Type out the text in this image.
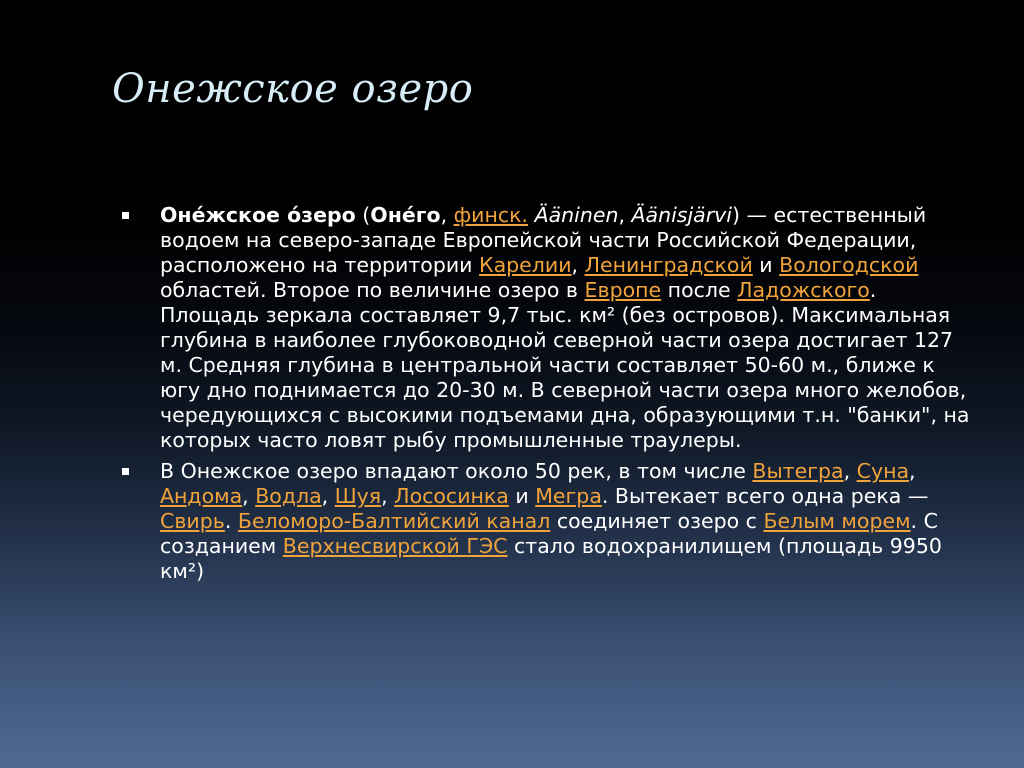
Онежское озеро
Оне́жское о́зеро (Оне́го, финск. Ääninen, Äänisjärvi) — естественный водоем на северо-западе Европейской части Российской Федерации, расположено на территории Карелии, Ленинградской и Вологодской областей. Второе по величине озеро в Европе после Ладожского. Площадь зеркала составляет 9,7 тыс. км² (без островов). Максимальная глубина в наиболее глубоководной северной части озера достигает 127 м. Средняя глубина в центральной части составляет 50-60 м., ближе к югу дно поднимается до 20-30 м. В северной части озера много желобов, чередующихся с высокими подъемами дна, образующими т.н. "банки", на которых часто ловят рыбу промышленные траулеры.
В Онежское озеро впадают около 50 рек, в том числе Вытегра, Суна, Андома, Водла, Шуя, Лососинка и Мегра. Вытекает всего одна река — Свирь. Беломоро-Балтийский канал соединяет озеро с Белым морем. С созданием Верхнесвирской ГЭС стало водохранилищем (площадь 9950 км²)
